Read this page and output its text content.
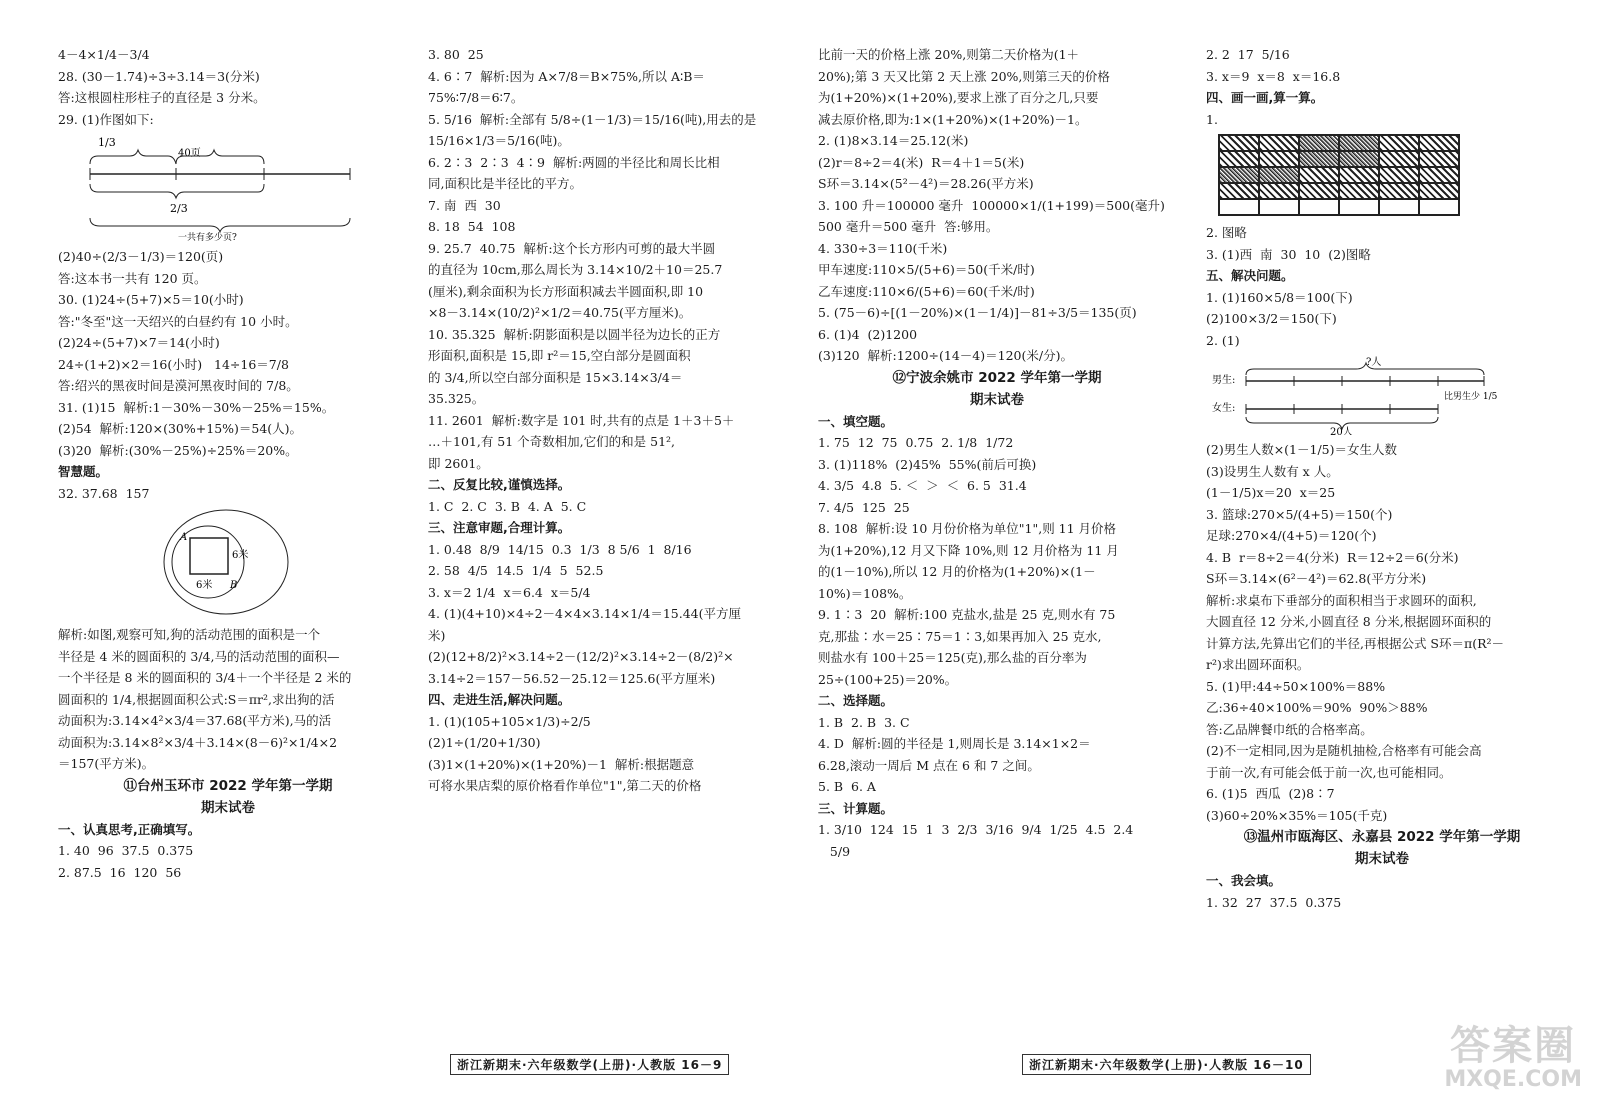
4－4×1/4－3/4
28. (30－1.74)÷3÷3.14＝3(分米)
答:这根圆柱形柱子的直径是 3 分米。
29. (1)作图如下:
1/3
40页
2/3
一共有多少页?
(2)40÷(2/3－1/3)＝120(页)
答:这本书一共有 120 页。
30. (1)24÷(5+7)×5＝10(小时)
答:"冬至"这一天绍兴的白昼约有 10 小时。
(2)24÷(5+7)×7＝14(小时)
24÷(1+2)×2＝16(小时)   14÷16＝7/8
答:绍兴的黑夜时间是漠河黑夜时间的 7/8。
31. (1)15  解析:1－30%－30%－25%＝15%。
(2)54  解析:120×(30%+15%)＝54(人)。
(3)20  解析:(30%－25%)÷25%＝20%。
智慧题。
32. 37.68  157
A
B
6米
6米
解析:如图,观察可知,狗的活动范围的面积是一个
半径是 4 米的圆面积的 3/4,马的活动范围的面积—
一个半径是 8 米的圆面积的 3/4＋一个半径是 2 米的
圆面积的 1/4,根据圆面积公式:S＝πr²,求出狗的活
动面积为:3.14×4²×3/4＝37.68(平方米),马的活
动面积为:3.14×8²×3/4＋3.14×(8－6)²×1/4×2
＝157(平方米)。
⑪台州玉环市 2022 学年第一学期
期末试卷
一、认真思考,正确填写。
1. 40  96  37.5  0.375
2. 87.5  16  120  56
3. 80  25
4. 6∶7  解析:因为 A×7/8＝B×75%,所以 A∶B＝
75%∶7/8＝6∶7。
5. 5/16  解析:全部有 5/8÷(1－1/3)＝15/16(吨),用去的是
15/16×1/3＝5/16(吨)。
6. 2∶3  2∶3  4∶9  解析:两圆的半径比和周长比相
同,面积比是半径比的平方。
7. 南  西  30
8. 18  54  108
9. 25.7  40.75  解析:这个长方形内可剪的最大半圆
的直径为 10cm,那么周长为 3.14×10/2＋10＝25.7
(厘米),剩余面积为长方形面积减去半圆面积,即 10
×8－3.14×(10/2)²×1/2＝40.75(平方厘米)。
10. 35.325  解析:阴影面积是以圆半径为边长的正方
形面积,面积是 15,即 r²＝15,空白部分是圆面积
的 3/4,所以空白部分面积是 15×3.14×3/4＝
35.325。
11. 2601  解析:数字是 101 时,共有的点是 1＋3＋5＋
…＋101,有 51 个奇数相加,它们的和是 51²,
即 2601。
二、反复比较,谨慎选择。
1. C  2. C  3. B  4. A  5. C
三、注意审题,合理计算。
1. 0.48  8/9  14/15  0.3  1/3  8 5/6  1  8/16
2. 58  4/5  14.5  1/4  5  52.5
3. x＝2 1/4  x＝6.4  x＝5/4
4. (1)(4+10)×4÷2－4×4×3.14×1/4＝15.44(平方厘
米)
(2)(12+8/2)²×3.14÷2－(12/2)²×3.14÷2－(8/2)²×
3.14÷2＝157－56.52－25.12＝125.6(平方厘米)
四、走进生活,解决问题。
1. (1)(105+105×1/3)÷2/5
(2)1÷(1/20+1/30)
(3)1×(1+20%)×(1+20%)－1  解析:根据题意
可将水果店梨的原价格看作单位"1",第二天的价格
比前一天的价格上涨 20%,则第二天价格为(1＋
20%);第 3 天又比第 2 天上涨 20%,则第三天的价格
为(1+20%)×(1+20%),要求上涨了百分之几,只要
减去原价格,即为:1×(1+20%)×(1+20%)－1。
2. (1)8×3.14＝25.12(米)
(2)r＝8÷2＝4(米)  R＝4＋1＝5(米)
S环＝3.14×(5²－4²)＝28.26(平方米)
3. 100 升＝100000 毫升  100000×1/(1+199)＝500(毫升)
500 毫升＝500 毫升  答:够用。
4. 330÷3＝110(千米)
甲车速度:110×5/(5+6)＝50(千米/时)
乙车速度:110×6/(5+6)＝60(千米/时)
5. (75－6)÷[(1－20%)×(1－1/4)]－81÷3/5＝135(页)
6. (1)4  (2)1200
(3)120  解析:1200÷(14－4)＝120(米/分)。
⑫宁波余姚市 2022 学年第一学期
期末试卷
一、填空题。
1. 75  12  75  0.75  2. 1/8  1/72
3. (1)118%  (2)45%  55%(前后可换)
4. 3/5  4.8  5. ＜  ＞  ＜  6. 5  31.4
7. 4/5  125  25
8. 108  解析:设 10 月份价格为单位"1",则 11 月价格
为(1+20%),12 月又下降 10%,则 12 月价格为 11 月
的(1－10%),所以 12 月的价格为(1+20%)×(1－
10%)＝108%。
9. 1∶3  20  解析:100 克盐水,盐是 25 克,则水有 75
克,那盐∶水＝25∶75＝1∶3,如果再加入 25 克水,
则盐水有 100＋25＝125(克),那么盐的百分率为
25÷(100+25)＝20%。
二、选择题。
1. B  2. B  3. C
4. D  解析:圆的半径是 1,则周长是 3.14×1×2＝
6.28,滚动一周后 M 点在 6 和 7 之间。
5. B  6. A
三、计算题。
1. 3/10  124  15  1  3  2/3  3/16  9/4  1/25  4.5  2.4
5/9
2. 2  17  5/16
3. x＝9  x＝8  x＝16.8
四、画一画,算一算。
1.
2. 图略
3. (1)西  南  30  10  (2)图略
五、解决问题。
1. (1)160×5/8＝100(下)
(2)100×3/2＝150(下)
2. (1)
?人
男生:
比男生少 1/5
女生:
20人
(2)男生人数×(1－1/5)＝女生人数
(3)设男生人数有 x 人。
(1－1/5)x＝20  x＝25
3. 篮球:270×5/(4+5)＝150(个)
足球:270×4/(4+5)＝120(个)
4. B  r＝8÷2＝4(分米)  R＝12÷2＝6(分米)
S环＝3.14×(6²－4²)＝62.8(平方分米)
解析:求桌布下垂部分的面积相当于求圆环的面积,
大圆直径 12 分米,小圆直径 8 分米,根据圆环面积的
计算方法,先算出它们的半径,再根据公式 S环＝π(R²－
r²)求出圆环面积。
5. (1)甲:44÷50×100%＝88%
乙:36÷40×100%＝90%  90%＞88%
答:乙品牌餐巾纸的合格率高。
(2)不一定相同,因为是随机抽检,合格率有可能会高
于前一次,有可能会低于前一次,也可能相同。
6. (1)5  西瓜  (2)8∶7
(3)60÷20%×35%＝105(千克)
⑬温州市瓯海区、永嘉县 2022 学年第一学期
期末试卷
一、我会填。
1. 32  27  37.5  0.375
浙江新期末·六年级数学(上册)·人教版 16－9	浙江新期末·六年级数学(上册)·人教版 16－10	答案圈
MXQE.COM
